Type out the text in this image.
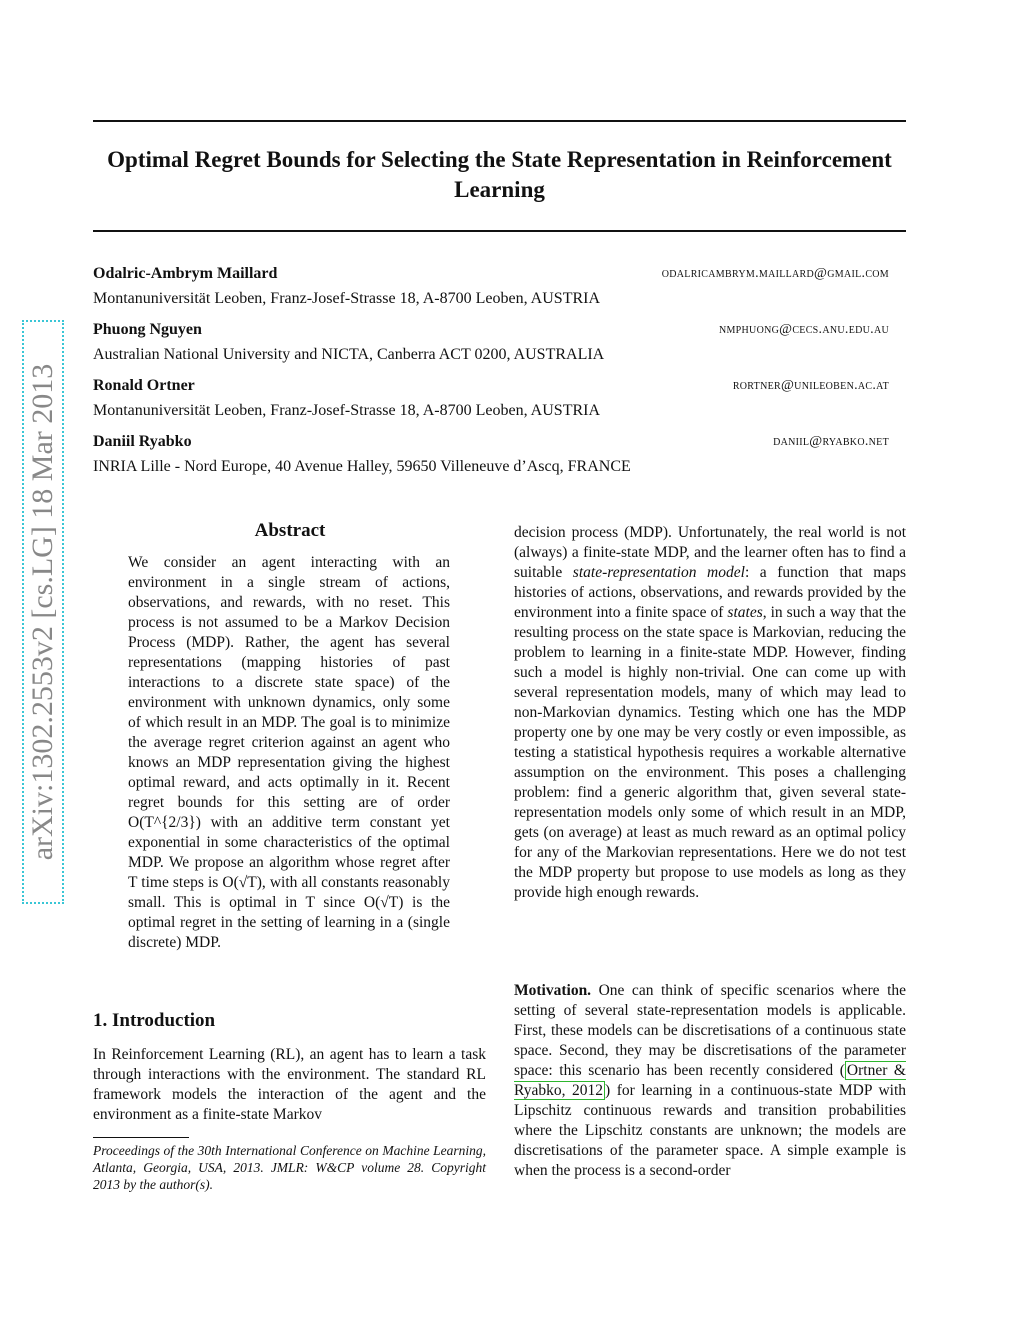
arXiv:1302.2553v2 [cs.LG] 18 Mar 2013
Optimal Regret Bounds for Selecting the State Representation in Reinforcement Learning
Odalric-Ambrym Maillard	odalricambrym.maillard@gmail.com
Montanuniversität Leoben, Franz-Josef-Strasse 18, A-8700 Leoben, AUSTRIA
Phuong Nguyen	nmphuong@cecs.anu.edu.au
Australian National University and NICTA, Canberra ACT 0200, AUSTRALIA
Ronald Ortner	rortner@unileoben.ac.at
Montanuniversität Leoben, Franz-Josef-Strasse 18, A-8700 Leoben, AUSTRIA
Daniil Ryabko	daniil@ryabko.net
INRIA Lille - Nord Europe, 40 Avenue Halley, 59650 Villeneuve d’Ascq, FRANCE
Abstract
We consider an agent interacting with an environment in a single stream of actions, observations, and rewards, with no reset. This process is not assumed to be a Markov Decision Process (MDP). Rather, the agent has several representations (mapping histories of past interactions to a discrete state space) of the environment with unknown dynamics, only some of which result in an MDP. The goal is to minimize the average regret criterion against an agent who knows an MDP representation giving the highest optimal reward, and acts optimally in it. Recent regret bounds for this setting are of order O(T^{2/3}) with an additive term constant yet exponential in some characteristics of the optimal MDP. We propose an algorithm whose regret after T time steps is O(√T), with all constants reasonably small. This is optimal in T since O(√T) is the optimal regret in the setting of learning in a (single discrete) MDP.
1. Introduction
In Reinforcement Learning (RL), an agent has to learn a task through interactions with the environment. The standard RL framework models the interaction of the agent and the environment as a finite-state Markov
Proceedings of the 30th International Conference on Machine Learning, Atlanta, Georgia, USA, 2013. JMLR: W&CP volume 28. Copyright 2013 by the author(s).
decision process (MDP). Unfortunately, the real world is not (always) a finite-state MDP, and the learner often has to find a suitable state-representation model: a function that maps histories of actions, observations, and rewards provided by the environment into a finite space of states, in such a way that the resulting process on the state space is Markovian, reducing the problem to learning in a finite-state MDP. However, finding such a model is highly non-trivial. One can come up with several representation models, many of which may lead to non-Markovian dynamics. Testing which one has the MDP property one by one may be very costly or even impossible, as testing a statistical hypothesis requires a workable alternative assumption on the environment. This poses a challenging problem: find a generic algorithm that, given several state-representation models only some of which result in an MDP, gets (on average) at least as much reward as an optimal policy for any of the Markovian representations. Here we do not test the MDP property but propose to use models as long as they provide high enough rewards.
Motivation. One can think of specific scenarios where the setting of several state-representation models is applicable. First, these models can be discretisations of a continuous state space. Second, they may be discretisations of the parameter space: this scenario has been recently considered ( Ortner & Ryabko, 2012 ) for learning in a continuous-state MDP with Lipschitz continuous rewards and transition probabilities where the Lipschitz constants are unknown; the models are discretisations of the parameter space. A simple example is when the process is a second-order
